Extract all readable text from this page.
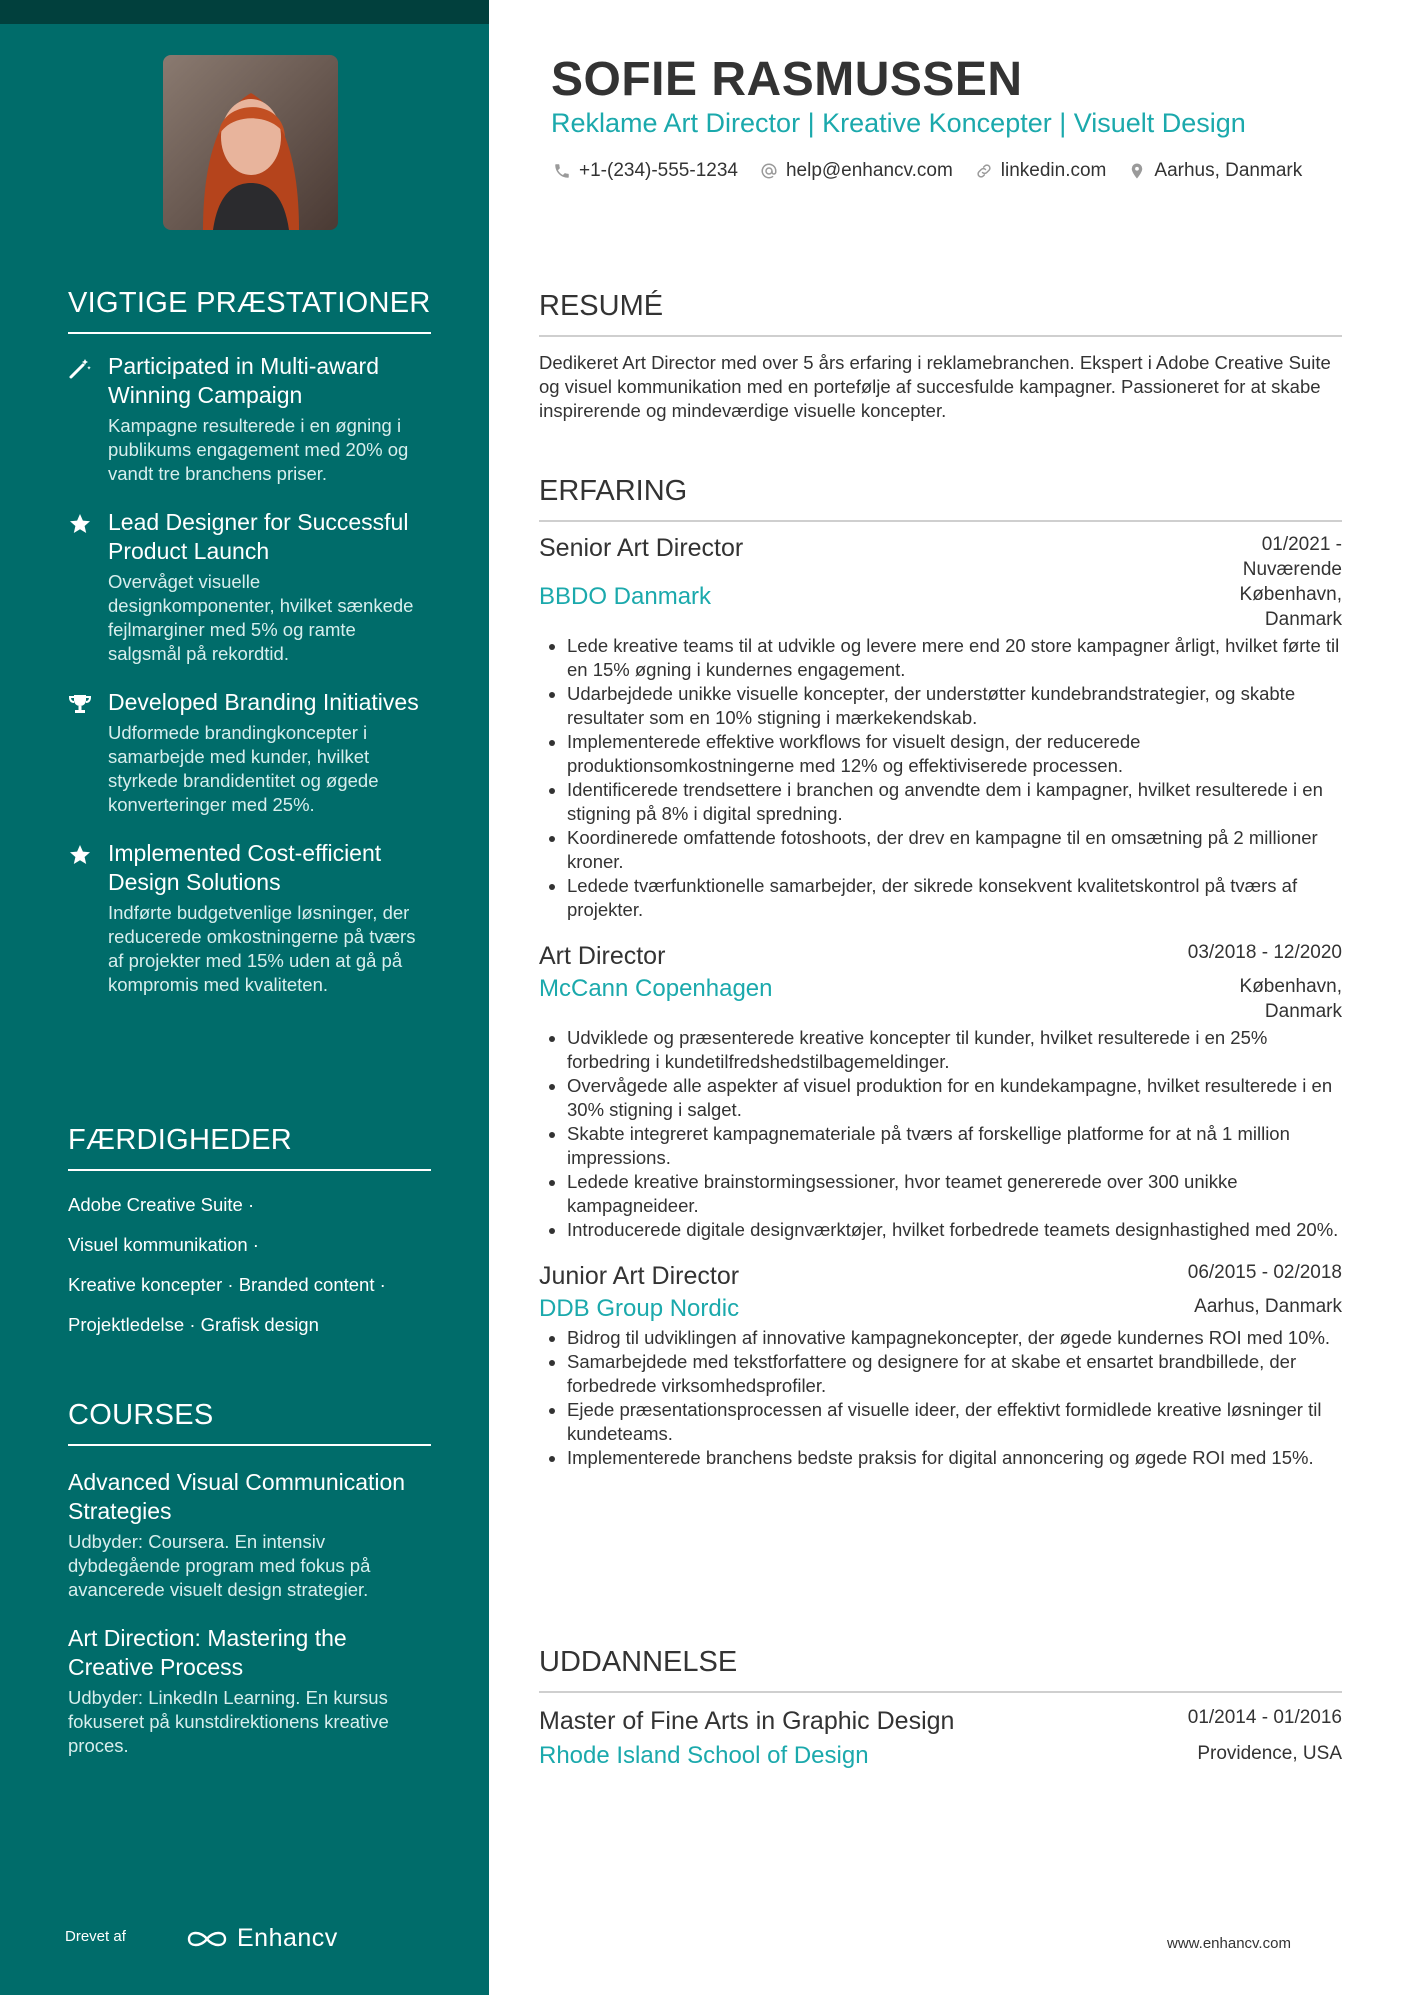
VIGTIGE PRÆSTATIONER
Participated in Multi-award Winning Campaign
Kampagne resulterede i en øgning i publikums engagement med 20% og vandt tre branchens priser.
Lead Designer for Successful Product Launch
Overvåget visuelle designkomponenter, hvilket sænkede fejlmarginer med 5% og ramte salgsmål på rekordtid.
Developed Branding Initiatives
Udformede brandingkoncepter i samarbejde med kunder, hvilket styrkede brandidentitet og øgede konverteringer med 25%.
Implemented Cost-efficient Design Solutions
Indførte budgetvenlige løsninger, der reducerede omkostningerne på tværs af projekter med 15% uden at gå på kompromis med kvaliteten.
FÆRDIGHEDER
Adobe Creative Suite ·
Visuel kommunikation ·
Kreative koncepter · Branded content ·
Projektledelse · Grafisk design
COURSES
Advanced Visual Communication Strategies
Udbyder: Coursera. En intensiv dybdegående program med fokus på avancerede visuelt design strategier.
Art Direction: Mastering the Creative Process
Udbyder: LinkedIn Learning. En kursus fokuseret på kunstdirektionens kreative proces.
Drevet af	Enhancv
SOFIE RASMUSSEN
Reklame Art Director | Kreative Koncepter | Visuelt Design
+1-(234)-555-1234	help@enhancv.com	linkedin.com	Aarhus, Danmark
RESUMÉ
Dedikeret Art Director med over 5 års erfaring i reklamebranchen. Ekspert i Adobe Creative Suite og visuel kommunikation med en portefølje af succesfulde kampagner. Passioneret for at skabe inspirerende og mindeværdige visuelle koncepter.
ERFARING
Senior Art Director	01/2021 -
Nuværende
BBDO Danmark	København,
Danmark
• Lede kreative teams til at udvikle og levere mere end 20 store kampagner årligt, hvilket førte til en 15% øgning i kundernes engagement.
• Udarbejdede unikke visuelle koncepter, der understøtter kundebrandstrategier, og skabte resultater som en 10% stigning i mærkekendskab.
• Implementerede effektive workflows for visuelt design, der reducerede produktionsomkostningerne med 12% og effektiviserede processen.
• Identificerede trendsettere i branchen og anvendte dem i kampagner, hvilket resulterede i en stigning på 8% i digital spredning.
• Koordinerede omfattende fotoshoots, der drev en kampagne til en omsætning på 2 millioner kroner.
• Ledede tværfunktionelle samarbejder, der sikrede konsekvent kvalitetskontrol på tværs af projekter.
Art Director	03/2018 - 12/2020
McCann Copenhagen	København,
Danmark
• Udviklede og præsenterede kreative koncepter til kunder, hvilket resulterede i en 25% forbedring i kundetilfredshedstilbagemeldinger.
• Overvågede alle aspekter af visuel produktion for en kundekampagne, hvilket resulterede i en 30% stigning i salget.
• Skabte integreret kampagnemateriale på tværs af forskellige platforme for at nå 1 million impressions.
• Ledede kreative brainstormingsessioner, hvor teamet genererede over 300 unikke kampagneideer.
• Introducerede digitale designværktøjer, hvilket forbedrede teamets designhastighed med 20%.
Junior Art Director	06/2015 - 02/2018
DDB Group Nordic	Aarhus, Danmark
• Bidrog til udviklingen af innovative kampagnekoncepter, der øgede kundernes ROI med 10%.
• Samarbejdede med tekstforfattere og designere for at skabe et ensartet brandbillede, der forbedrede virksomhedsprofiler.
• Ejede præsentationsprocessen af visuelle ideer, der effektivt formidlede kreative løsninger til kundeteams.
• Implementerede branchens bedste praksis for digital annoncering og øgede ROI med 15%.
UDDANNELSE
Master of Fine Arts in Graphic Design	01/2014 - 01/2016
Rhode Island School of Design	Providence, USA
www.enhancv.com
